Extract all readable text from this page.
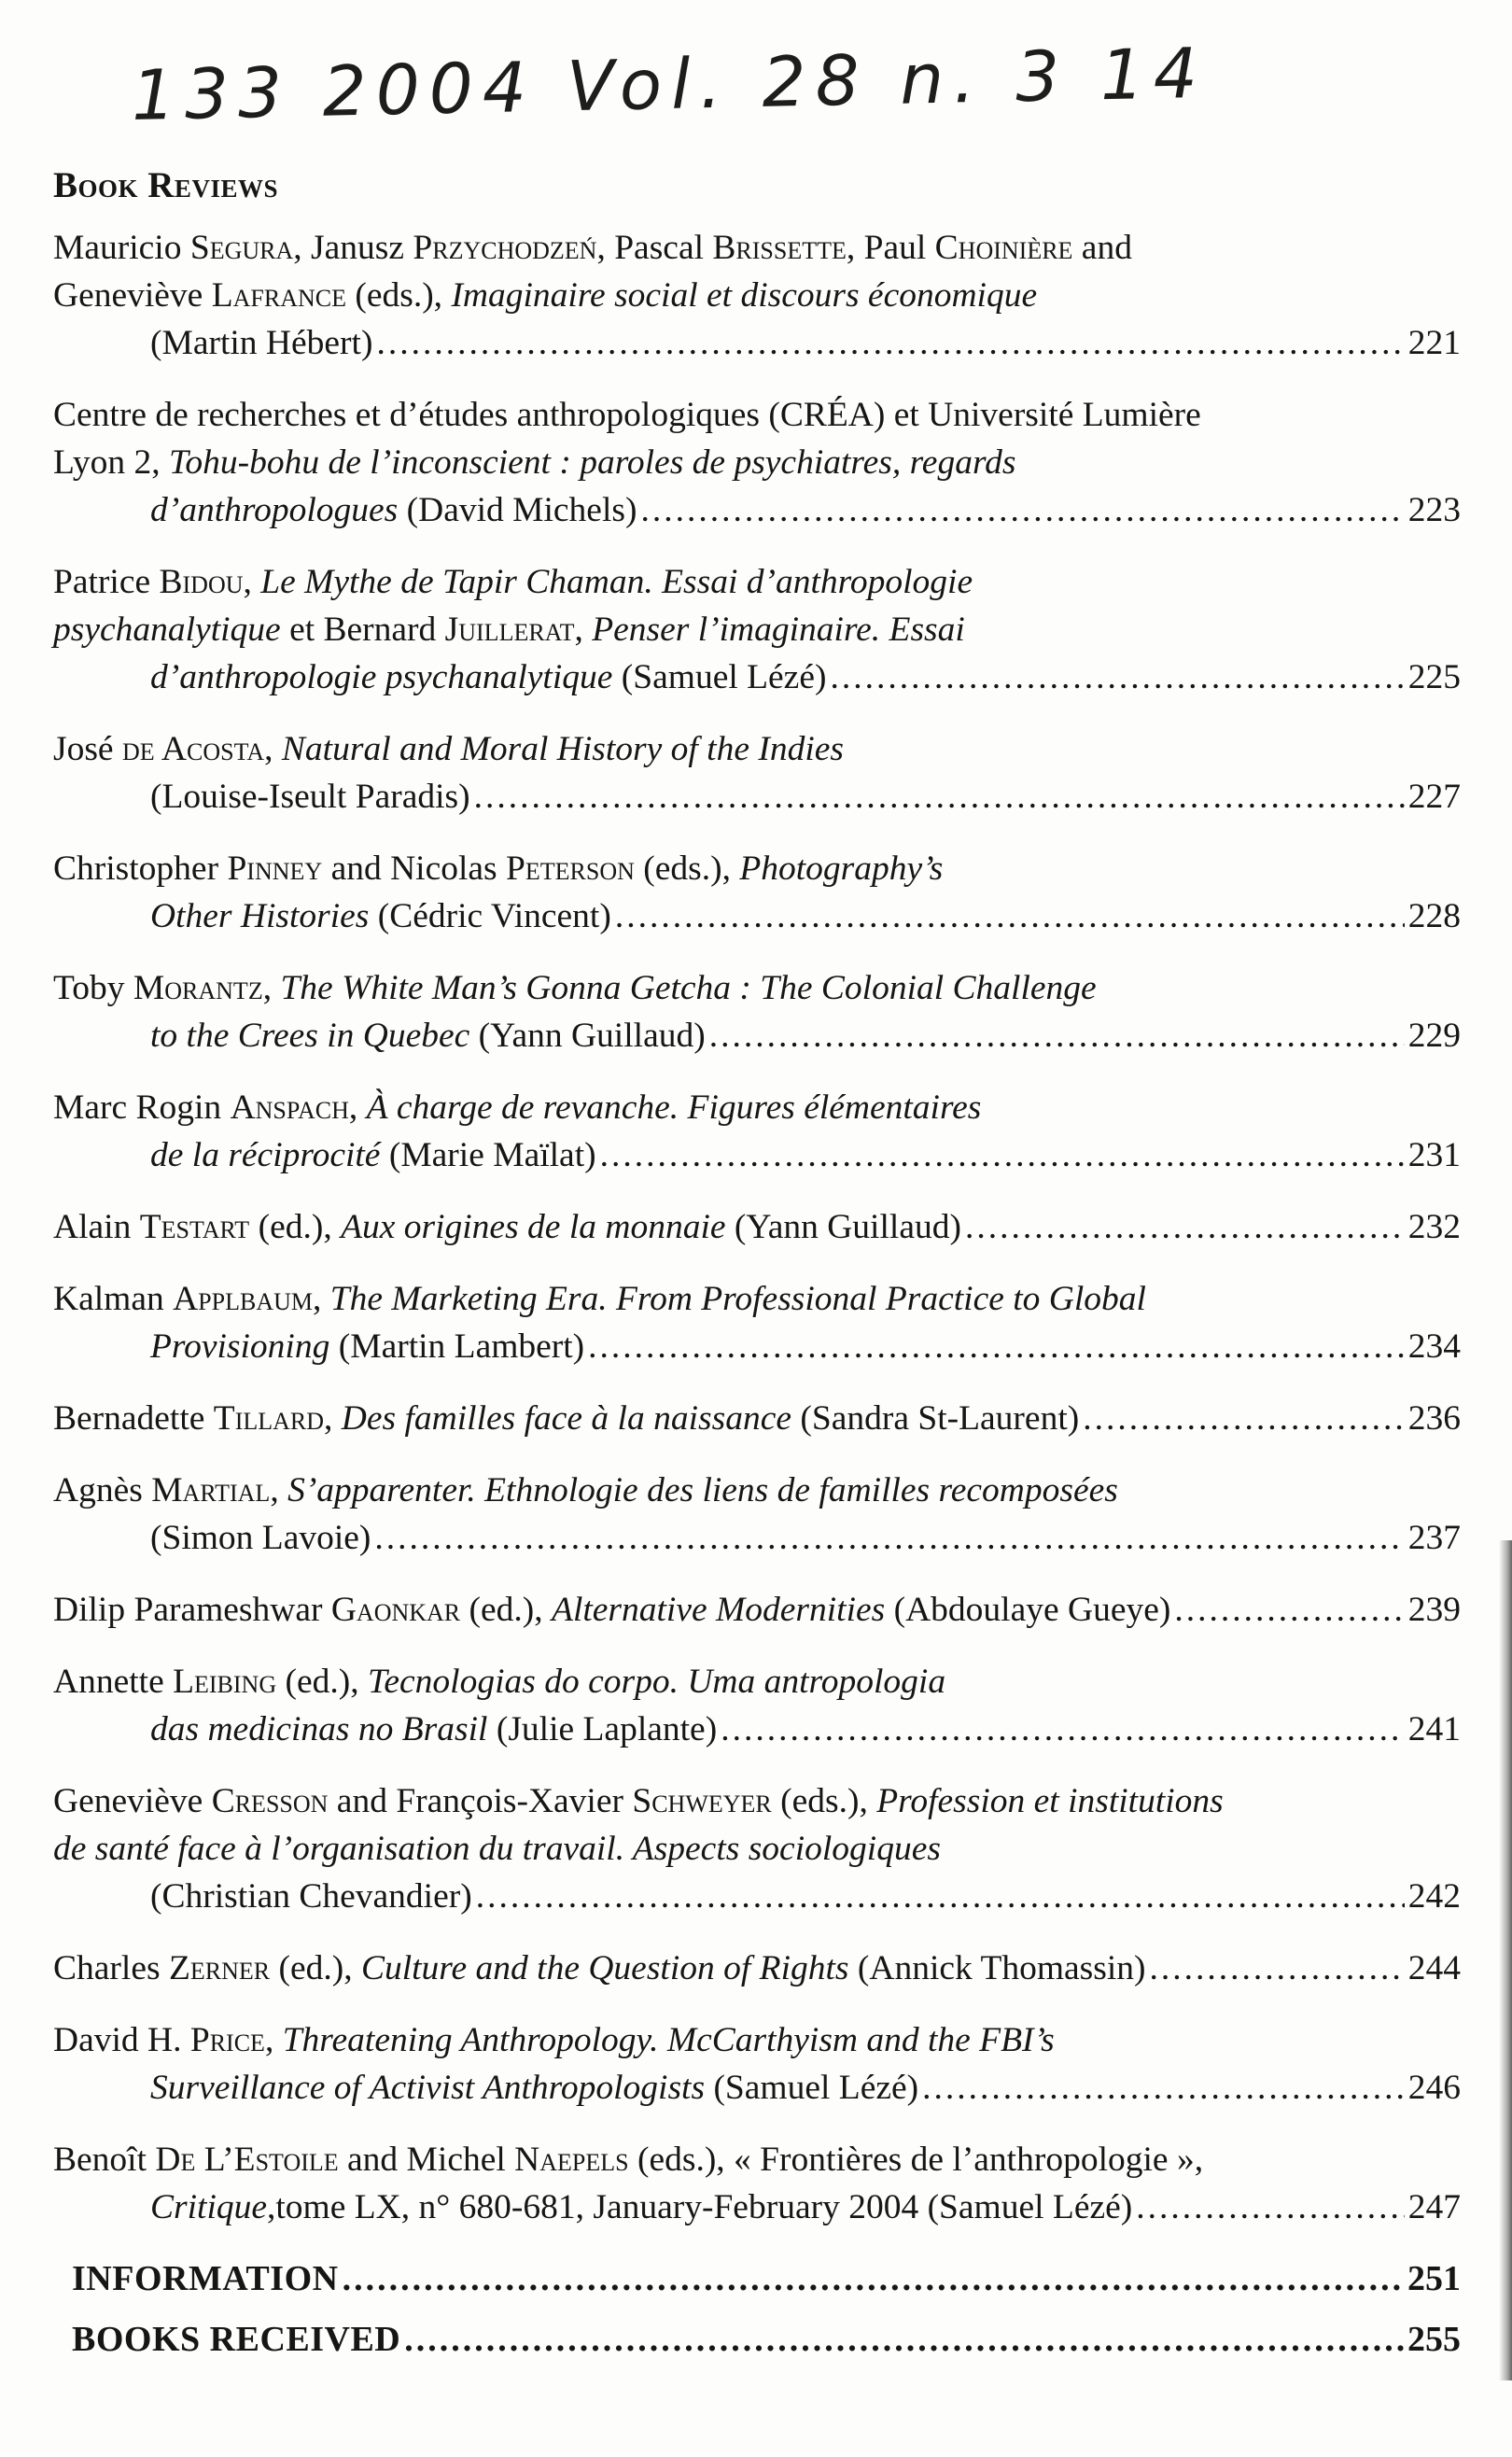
133 2004 Vol. 28 n. 3 14
Book Reviews
Mauricio Segura, Janusz Przychodzeń, Pascal Brissette, Paul Choinière and
Geneviève Lafrance (eds.), Imaginaire social et discours économique
(Martin Hébert) .....	221
Centre de recherches et d’études anthropologiques (CRÉA) et Université Lumière
Lyon 2, Tohu-bohu de l’inconscient : paroles de psychiatres, regards
d’anthropologues (David Michels) .....	223
Patrice Bidou, Le Mythe de Tapir Chaman. Essai d’anthropologie
psychanalytique et Bernard Juillerat, Penser l’imaginaire. Essai
d’anthropologie psychanalytique (Samuel Lézé) .....	225
José de Acosta, Natural and Moral History of the Indies
(Louise-Iseult Paradis) .....	227
Christopher Pinney and Nicolas Peterson (eds.), Photography’s
Other Histories (Cédric Vincent) .....	228
Toby Morantz, The White Man’s Gonna Getcha : The Colonial Challenge
to the Crees in Quebec (Yann Guillaud) .....	229
Marc Rogin Anspach, À charge de revanche. Figures élémentaires
de la réciprocité (Marie Maïlat) .....	231
Alain Testart (ed.), Aux origines de la monnaie (Yann Guillaud) .....	232
Kalman Applbaum, The Marketing Era. From Professional Practice to Global
Provisioning (Martin Lambert) .....	234
Bernadette Tillard, Des familles face à la naissance (Sandra St-Laurent) .....	236
Agnès Martial, S’apparenter. Ethnologie des liens de familles recomposées
(Simon Lavoie) .....	237
Dilip Parameshwar Gaonkar (ed.), Alternative Modernities (Abdoulaye Gueye) .....	239
Annette Leibing (ed.), Tecnologias do corpo. Uma antropologia
das medicinas no Brasil (Julie Laplante) .....	241
Geneviève Cresson and François-Xavier Schweyer (eds.), Profession et institutions
de santé face à l’organisation du travail. Aspects sociologiques
(Christian Chevandier) .....	242
Charles Zerner (ed.), Culture and the Question of Rights (Annick Thomassin) .....	244
David H. Price, Threatening Anthropology. McCarthyism and the FBI’s
Surveillance of Activist Anthropologists (Samuel Lézé) .....	246
Benoît De L’Estoile and Michel Naepels (eds.), « Frontières de l’anthropologie »,
Critique,tome LX, n° 680-681, January-February 2004 (Samuel Lézé) .....	247
INFORMATION .....	251
BOOKS RECEIVED .....	255
